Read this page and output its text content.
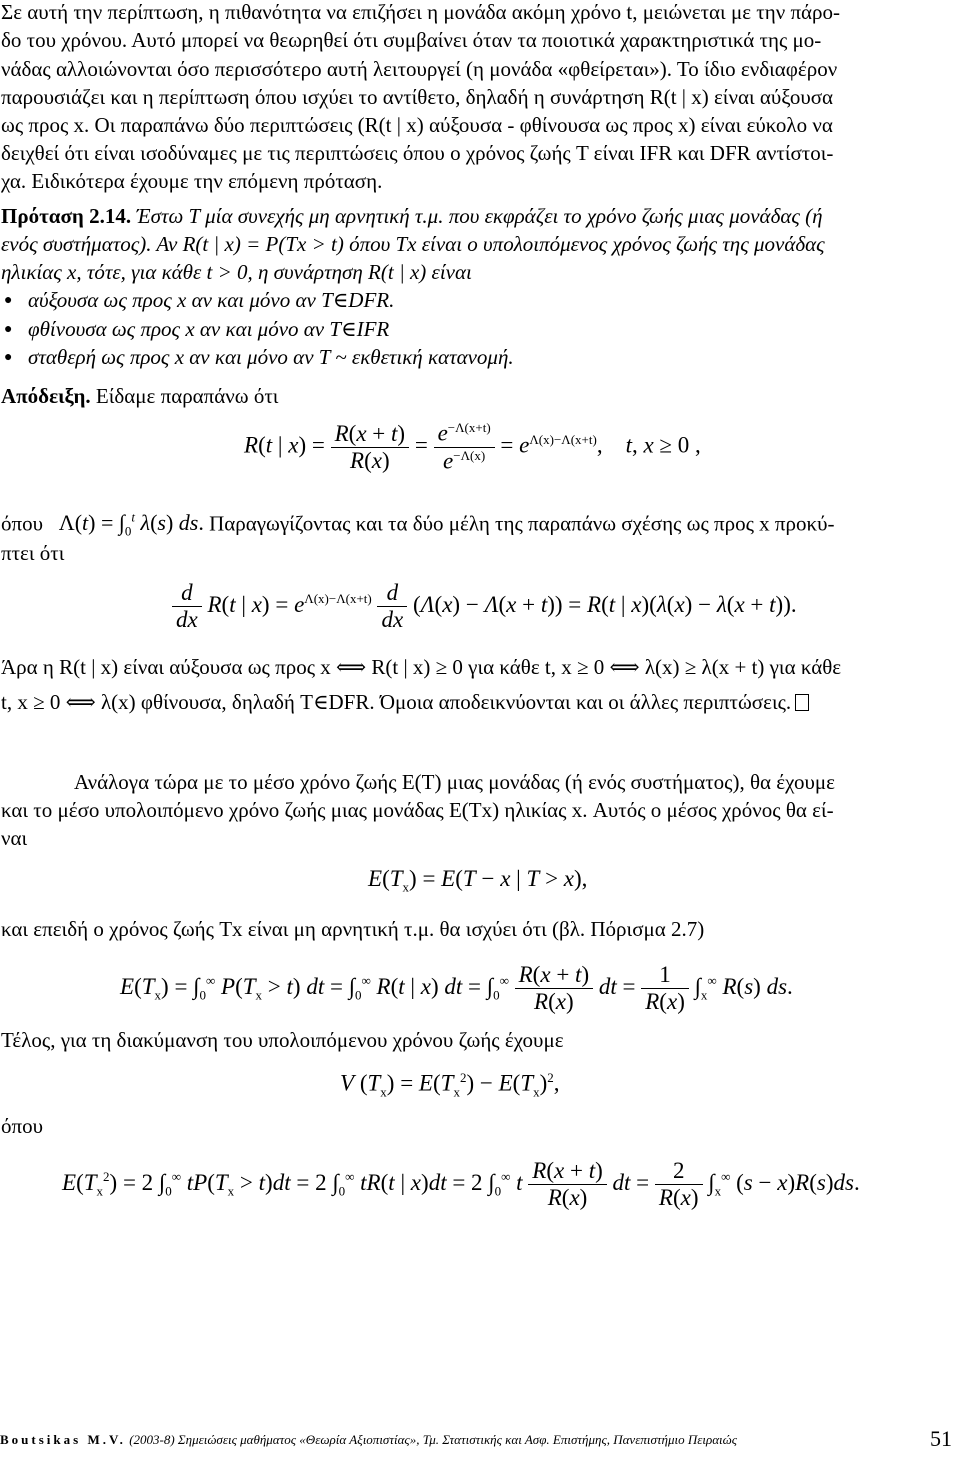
Σε αυτή την περίπτωση, η πιθανότητα να επιζήσει η μονάδα ακόμη χρόνο t, μειώνεται με την πάρο-
δο του χρόνου. Αυτό μπορεί να θεωρηθεί ότι συμβαίνει όταν τα ποιοτικά χαρακτηριστικά της μο-
νάδας αλλοιώνονται όσο περισσότερο αυτή λειτουργεί (η μονάδα «φθείρεται»). Το ίδιο ενδιαφέρον
παρουσιάζει και η περίπτωση όπου ισχύει το αντίθετο, δηλαδή η συνάρτηση R(t | x) είναι αύξουσα
ως προς x. Οι παραπάνω δύο περιπτώσεις (R(t | x) αύξουσα - φθίνουσα ως προς x) είναι εύκολο να
δειχθεί ότι είναι ισοδύναμες με τις περιπτώσεις όπου ο χρόνος ζωής T είναι IFR και DFR αντίστοι-
χα. Ειδικότερα έχουμε την επόμενη πρόταση.
Πρόταση 2.14. Έστω T μία συνεχής μη αρνητική τ.μ. που εκφράζει το χρόνο ζωής μιας μονάδας (ή
ενός συστήματος). Αν R(t | x) = P(Tx > t) όπου Tx είναι ο υπολοιπόμενος χρόνος ζωής της μονάδας
ηλικίας x, τότε, για κάθε t > 0, η συνάρτηση R(t | x) είναι
● αύξουσα ως προς x αν και μόνο αν T∈DFR.
● φθίνουσα ως προς x αν και μόνο αν T∈IFR
● σταθερή ως προς x αν και μόνο αν T ~ εκθετική κατανομή.
Απόδειξη. Είδαμε παραπάνω ότι
R(t | $x) = \frac{R(x + t)}{R(x)} = \frac{e^{-\Lambda(x+t)}}{e^{-\Lambda(x)}} = e^{\Lambda(x)-\Lambda(x+t)}$,    t, x ≥ 0 ,
όπου $\Lambda(t) = \int_0^t$ λ(s) ds. Παραγωγίζοντας και τα δύο μέλη της παραπάνω σχέσης ως προς x προκύ-
πτει ότι
$\frac{d}{dx} R(t$ | $x) = e^{\Lambda(x)-\Lambda(x+t)} \frac{d}{dx} (\Lambda(x) - \Lambda(x + t)) = R(t$ | x)(λ(x) − λ(x + t)).
Άρα η R(t | x) είναι αύξουσα ως προς x ⟺ R(t | x) ≥ 0 για κάθε t, x ≥ 0 ⟺ λ(x) ≥ λ(x + t) για κάθε
t, x ≥ 0 ⟺ λ(x) φθίνουσα, δηλαδή T∈DFR. Όμοια αποδεικνύονται και οι άλλες περιπτώσεις.
Ανάλογα τώρα με το μέσο χρόνο ζωής E(T) μιας μονάδας (ή ενός συστήματος), θα έχουμε
και το μέσο υπολοιπόμενο χρόνο ζωής μιας μονάδας E(Tx) ηλικίας x. Αυτός ο μέσος χρόνος θα εί-
ναι
$E(T_x) = E(T - x$ | T > x),
και επειδή ο χρόνος ζωής Tx είναι μη αρνητική τ.μ. θα ισχύει ότι (βλ. Πόρισμα 2.7)
$E(T_x) = \int_0^\infty$ $P(T_x > t)$ dt = $\int_0^\infty$ R(t | x) dt = $\int_0^\infty \frac{R(x + t)}{R(x)}$ dt = $\frac{1}{R(x)} \int_x^\infty$ R(s) ds.
Τέλος, για τη διακύμανση του υπολοιπόμενου χρόνου ζωής έχουμε
V $(T_x) = E(T_x^2) - E(T_x)^2$,
όπου
$E(T_x^2) = 2$ $\int_0^\infty$ $tP(T_x > t)dt = 2$ $\int_0^\infty$ tR(t | x)dt = 2 $\int_0^\infty$ t $\frac{R(x + t)}{R(x)}$ dt = $\frac{2}{R(x)} \int_x^\infty$ (s − x)R(s)ds.
Boutsikas M.V. (2003-8) Σημειώσεις μαθήματος «Θεωρία Αξιοπιστίας», Τμ. Στατιστικής και Ασφ. Επιστήμης, Πανεπιστήμιο Πειραιώς	51
